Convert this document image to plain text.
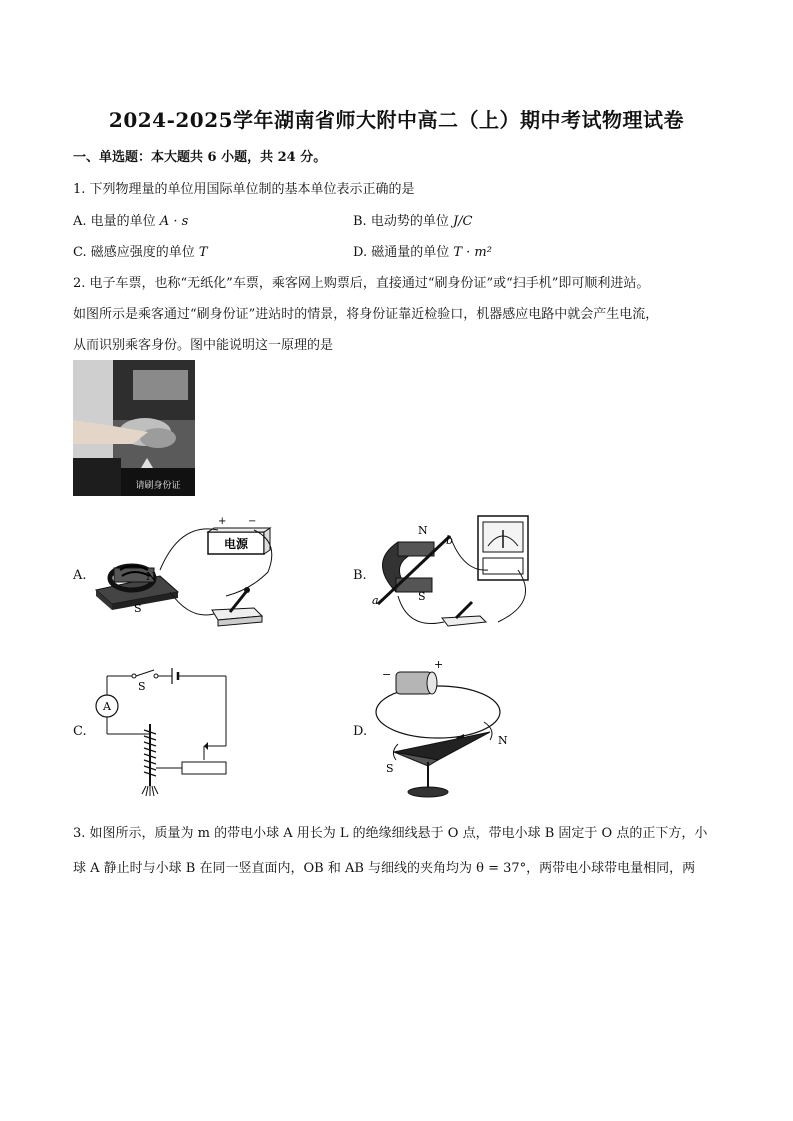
2024-2025学年湖南省师大附中高二（上）期中考试物理试卷
一、单选题：本大题共 6 小题，共 24 分。
1. 下列物理量的单位用国际单位制的基本单位表示正确的是
A. 电量的单位 A · s	B. 电动势的单位 J/C
C. 磁感应强度的单位 T	D. 磁通量的单位 T · m²
2. 电子车票，也称“无纸化”车票，乘客网上购票后，直接通过“刷身份证”或“扫手机”即可顺利进站。
如图所示是乘客通过“刷身份证”进站时的情景，将身份证靠近检验口，机器感应电路中就会产生电流，
从而识别乘客身份。图中能说明这一原理的是
请刷身份证
A.	B.
C.	D.
N
S
电源
+ −
N
S
a
b
A
S
+
−
N
S
3. 如图所示，质量为 m 的带电小球 A 用长为 L 的绝缘细线悬于 O 点，带电小球 B 固定于 O 点的正下方，小
球 A 静止时与小球 B 在同一竖直面内，OB 和 AB 与细线的夹角均为 θ = 37°，两带电小球带电量相同，两
